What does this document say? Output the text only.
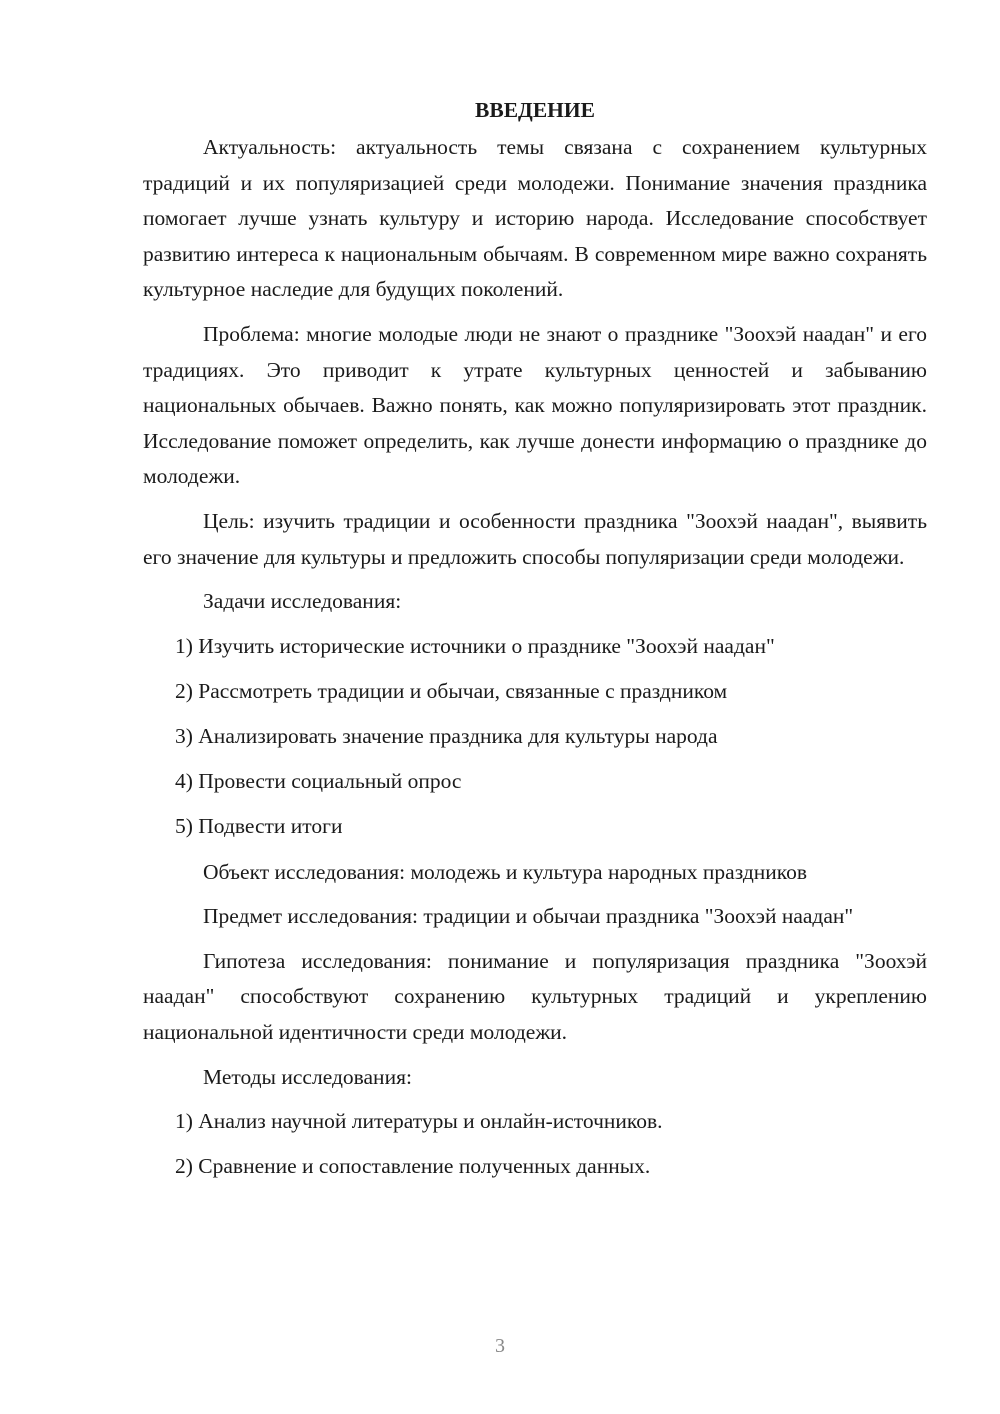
ВВЕДЕНИЕ

Актуальность: актуальность темы связана с сохранением культурных традиций и их популяризацией среди молодежи. Понимание значения праздника помогает лучше узнать культуру и историю народа. Исследование способствует развитию интереса к национальным обычаям. В современном мире важно сохранять культурное наследие для будущих поколений.

Проблема: многие молодые люди не знают о празднике "Зоохэй наадан" и его традициях. Это приводит к утрате культурных ценностей и забыванию национальных обычаев. Важно понять, как можно популяризировать этот праздник. Исследование поможет определить, как лучше донести информацию о празднике до молодежи.

Цель: изучить традиции и особенности праздника "Зоохэй наадан", выявить его значение для культуры и предложить способы популяризации среди молодежи.

Задачи исследования:

1) Изучить исторические источники о празднике "Зоохэй наадан"
2) Рассмотреть традиции и обычаи, связанные с праздником
3) Анализировать значение праздника для культуры народа
4) Провести социальный опрос
5) Подвести итоги

Объект исследования: молодежь и культура народных праздников

Предмет исследования: традиции и обычаи праздника "Зоохэй наадан"

Гипотеза исследования: понимание и популяризация праздника "Зоохэй наадан" способствуют сохранению культурных традиций и укреплению национальной идентичности среди молодежи.

Методы исследования:

1) Анализ научной литературы и онлайн-источников.
2) Сравнение и сопоставление полученных данных.
3
